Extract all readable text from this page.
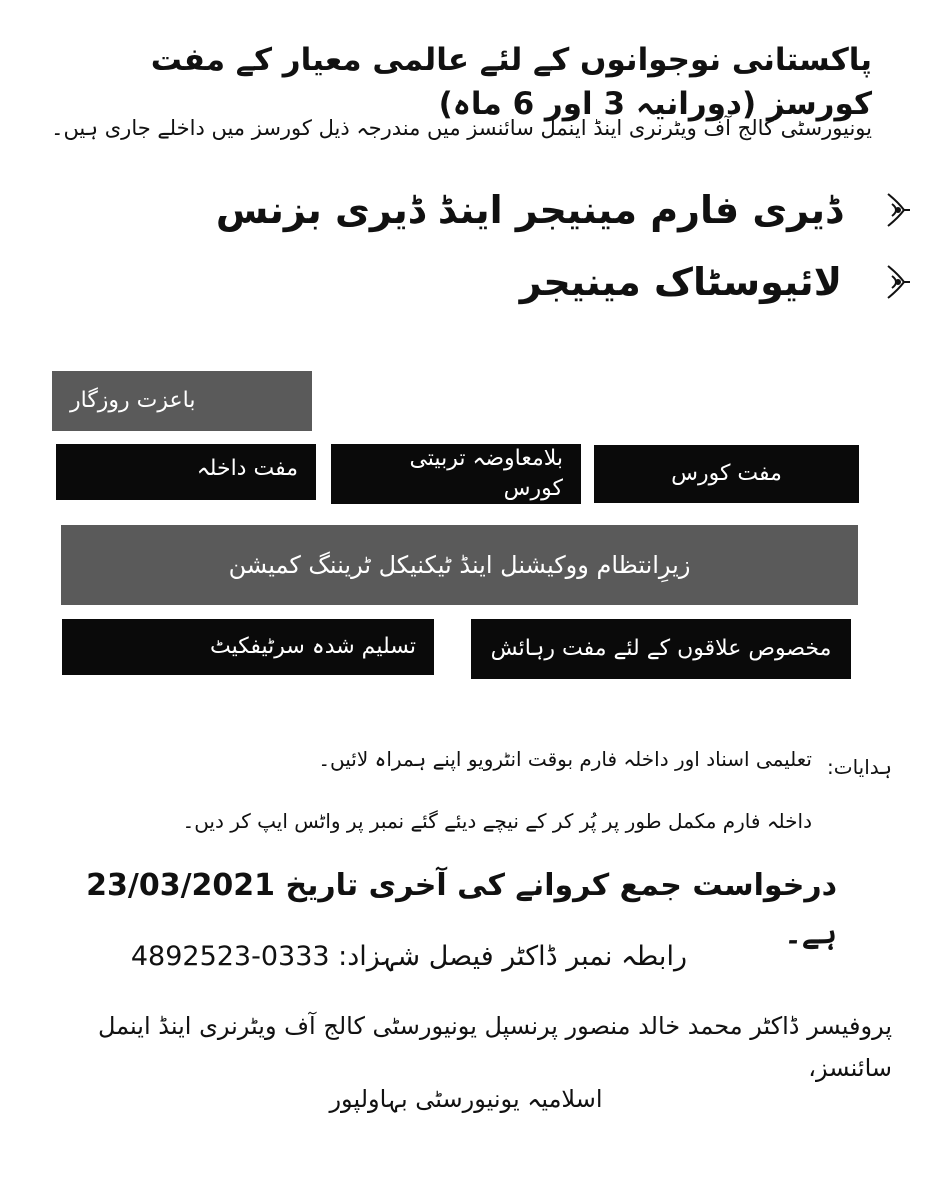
پاکستانی نوجوانوں کے لئے عالمی معیار کے مفت کورسز (دورانیہ 3 اور 6 ماہ)
یونیورسٹی کالج آف ویٹرنری اینڈ اینمل سائنسز میں مندرجہ ذیل کورسز میں داخلے جاری ہیں۔
ڈیری فارم مینیجر اینڈ ڈیری بزنس
لائیوسٹاک مینیجر
باعزت روزگار
مفت داخلہ	بلامعاوضہ تربیتی کورس
مفت کورس
زیرِانتظام ووکیشنل اینڈ ٹیکنیکل ٹریننگ کمیشن
تسلیم شدہ سرٹیفکیٹ	مخصوص علاقوں کے لئے مفت رہائش
ہدایات:
تعلیمی اسناد اور داخلہ فارم بوقت انٹرویو اپنے ہمراہ لائیں۔
داخلہ فارم مکمل طور پر پُر کر کے نیچے دیئے گئے نمبر پر واٹس ایپ کر دیں۔
درخواست جمع کروانے کی آخری تاریخ 23/03/2021 ہے۔
رابطہ نمبر ڈاکٹر فیصل شہزاد: 0333-4892523
پروفیسر ڈاکٹر محمد خالد منصور پرنسپل یونیورسٹی کالج آف ویٹرنری اینڈ اینمل سائنسز،
اسلامیہ یونیورسٹی بہاولپور
